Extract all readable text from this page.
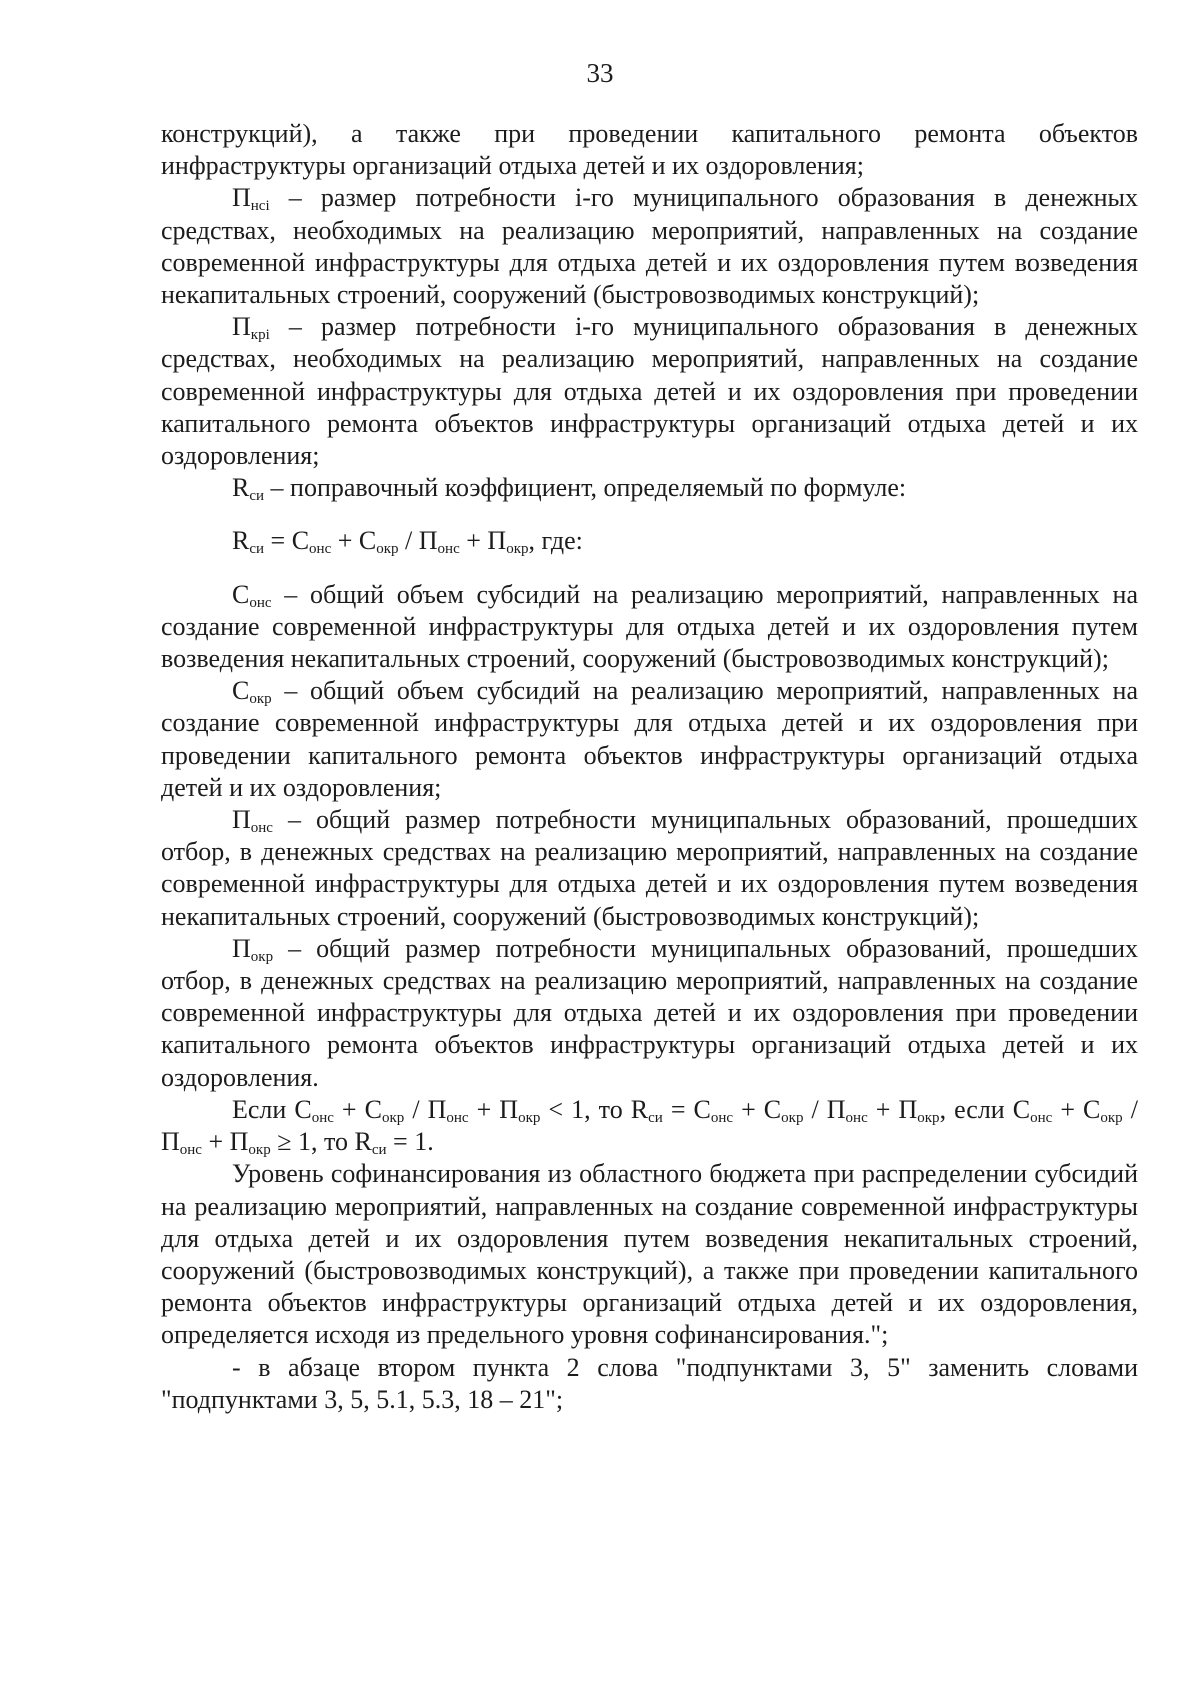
33

конструкций), а также при проведении капитального ремонта объектов инфраструктуры организаций отдыха детей и их оздоровления;

$П_{нсi}$ – размер потребности i-го муниципального образования в денежных средствах, необходимых на реализацию мероприятий, направленных на создание современной инфраструктуры для отдыха детей и их оздоровления путем возведения некапитальных строений, сооружений (быстровозводимых конструкций);

$П_{крi}$ – размер потребности i-го муниципального образования в денежных средствах, необходимых на реализацию мероприятий, направленных на создание современной инфраструктуры для отдыха детей и их оздоровления при проведении капитального ремонта объектов инфраструктуры организаций отдыха детей и их оздоровления;

$R_{си}$ – поправочный коэффициент, определяемый по формуле:

$R_{си} = С_{онс} + С_{окр} / П_{онс} + П_{окр}$, где:

$С_{онс}$ – общий объем субсидий на реализацию мероприятий, направленных на создание современной инфраструктуры для отдыха детей и их оздоровления путем возведения некапитальных строений, сооружений (быстровозводимых конструкций);

$С_{окр}$ – общий объем субсидий на реализацию мероприятий, направленных на создание современной инфраструктуры для отдыха детей и их оздоровления при проведении капитального ремонта объектов инфраструктуры организаций отдыха детей и их оздоровления;

$П_{онс}$ – общий размер потребности муниципальных образований, прошедших отбор, в денежных средствах на реализацию мероприятий, направленных на создание современной инфраструктуры для отдыха детей и их оздоровления путем возведения некапитальных строений, сооружений (быстровозводимых конструкций);

$П_{окр}$ – общий размер потребности муниципальных образований, прошедших отбор, в денежных средствах на реализацию мероприятий, направленных на создание современной инфраструктуры для отдыха детей и их оздоровления при проведении капитального ремонта объектов инфраструктуры организаций отдыха детей и их оздоровления.

Если $С_{онс} + С_{окр} / П_{онс} + П_{окр} < 1$, то $R_{си} = С_{онс} + С_{окр} / П_{онс} + П_{окр}$, если $С_{онс} + С_{окр} / П_{онс} + П_{окр} \ge 1$, то $R_{си} = 1$.

Уровень софинансирования из областного бюджета при распределении субсидий на реализацию мероприятий, направленных на создание современной инфраструктуры для отдыха детей и их оздоровления путем возведения некапитальных строений, сооружений (быстровозводимых конструкций), а также при проведении капитального ремонта объектов инфраструктуры организаций отдыха детей и их оздоровления, определяется исходя из предельного уровня софинансирования.";

- в абзаце втором пункта 2 слова "подпунктами 3, 5" заменить словами "подпунктами 3, 5, 5.1, 5.3, 18 – 21";
